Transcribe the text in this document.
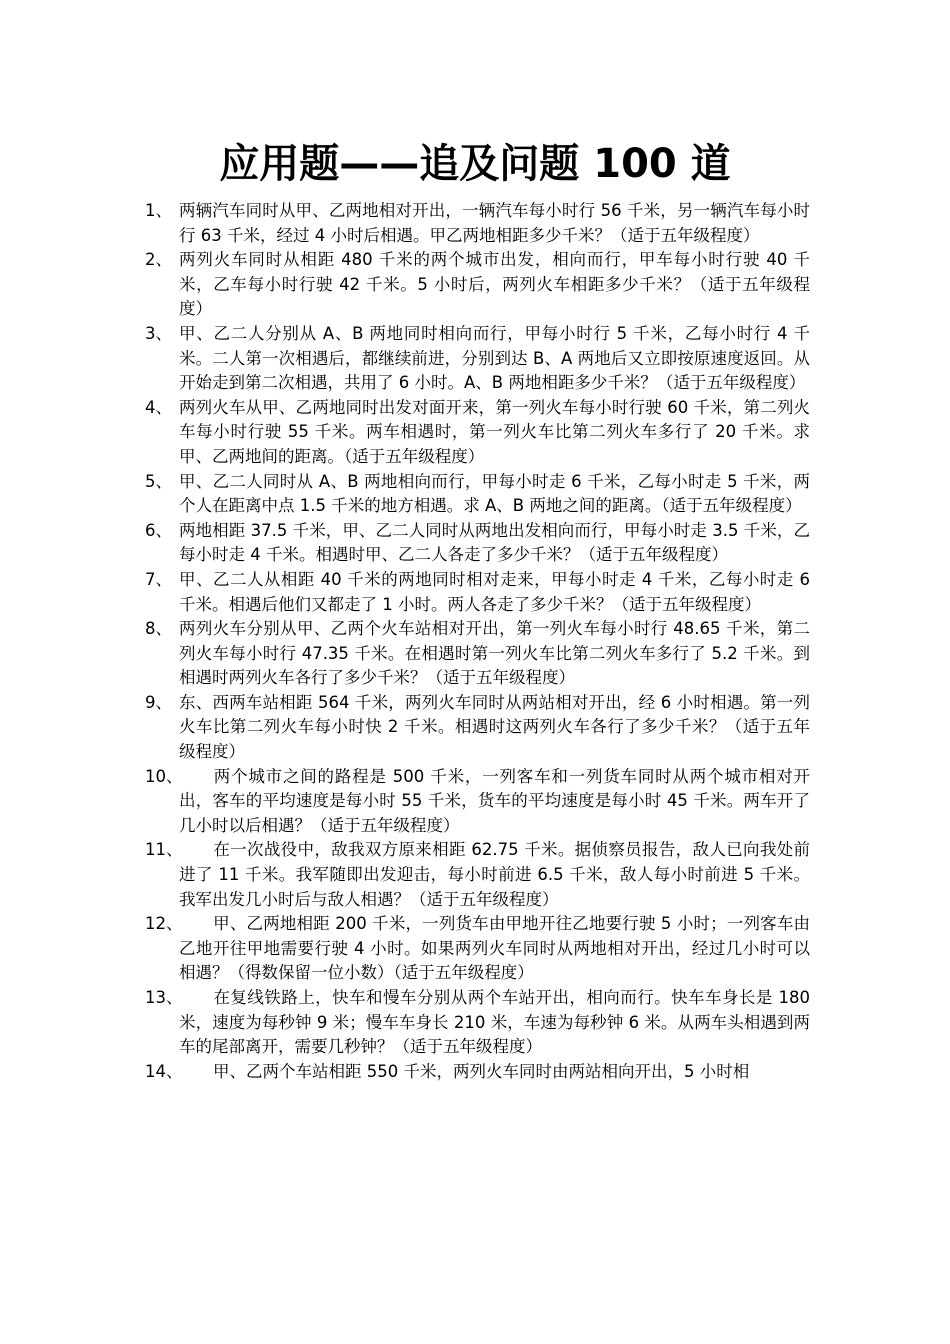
应用题——追及问题 100 道
1、 两辆汽车同时从甲、乙两地相对开出，一辆汽车每小时行 56 千米，另一辆汽车每小时行 63 千米，经过 4 小时后相遇。甲乙两地相距多少千米？（适于五年级程度）
2、 两列火车同时从相距 480 千米的两个城市出发，相向而行，甲车每小时行驶 40 千米，乙车每小时行驶 42 千米。5 小时后，两列火车相距多少千米？（适于五年级程度）
3、 甲、乙二人分别从 A、B 两地同时相向而行，甲每小时行 5 千米，乙每小时行 4 千米。二人第一次相遇后，都继续前进，分别到达 B、A 两地后又立即按原速度返回。从开始走到第二次相遇，共用了 6 小时。A、B 两地相距多少千米？（适于五年级程度）
4、 两列火车从甲、乙两地同时出发对面开来，第一列火车每小时行驶 60 千米，第二列火车每小时行驶 55 千米。两车相遇时，第一列火车比第二列火车多行了 20 千米。求甲、乙两地间的距离。（适于五年级程度）
5、 甲、乙二人同时从 A、B 两地相向而行，甲每小时走 6 千米，乙每小时走 5 千米，两个人在距离中点 1.5 千米的地方相遇。求 A、B 两地之间的距离。（适于五年级程度）
6、 两地相距 37.5 千米，甲、乙二人同时从两地出发相向而行，甲每小时走 3.5 千米，乙每小时走 4 千米。相遇时甲、乙二人各走了多少千米？（适于五年级程度）
7、 甲、乙二人从相距 40 千米的两地同时相对走来，甲每小时走 4 千米，乙每小时走 6 千米。相遇后他们又都走了 1 小时。两人各走了多少千米？（适于五年级程度）
8、 两列火车分别从甲、乙两个火车站相对开出，第一列火车每小时行 48.65 千米，第二列火车每小时行 47.35 千米。在相遇时第一列火车比第二列火车多行了 5.2 千米。到相遇时两列火车各行了多少千米？（适于五年级程度）
9、 东、西两车站相距 564 千米，两列火车同时从两站相对开出，经 6 小时相遇。第一列火车比第二列火车每小时快 2 千米。相遇时这两列火车各行了多少千米？（适于五年级程度）
10、	两个城市之间的路程是 500 千米，一列客车和一列货车同时从两个城市相对开出，客车的平均速度是每小时 55 千米，货车的平均速度是每小时 45 千米。两车开了几小时以后相遇？（适于五年级程度）
11、	在一次战役中，敌我双方原来相距 62.75 千米。据侦察员报告，敌人已向我处前进了 11 千米。我军随即出发迎击，每小时前进 6.5 千米，敌人每小时前进 5 千米。我军出发几小时后与敌人相遇？（适于五年级程度）
12、	甲、乙两地相距 200 千米，一列货车由甲地开往乙地要行驶 5 小时；一列客车由乙地开往甲地需要行驶 4 小时。如果两列火车同时从两地相对开出，经过几小时可以相遇？（得数保留一位小数）（适于五年级程度）
13、	在复线铁路上，快车和慢车分别从两个车站开出，相向而行。快车车身长是 180 米，速度为每秒钟 9 米；慢车车身长 210 米，车速为每秒钟 6 米。从两车头相遇到两车的尾部离开，需要几秒钟？（适于五年级程度）
14、	甲、乙两个车站相距 550 千米，两列火车同时由两站相向开出，5 小时相
